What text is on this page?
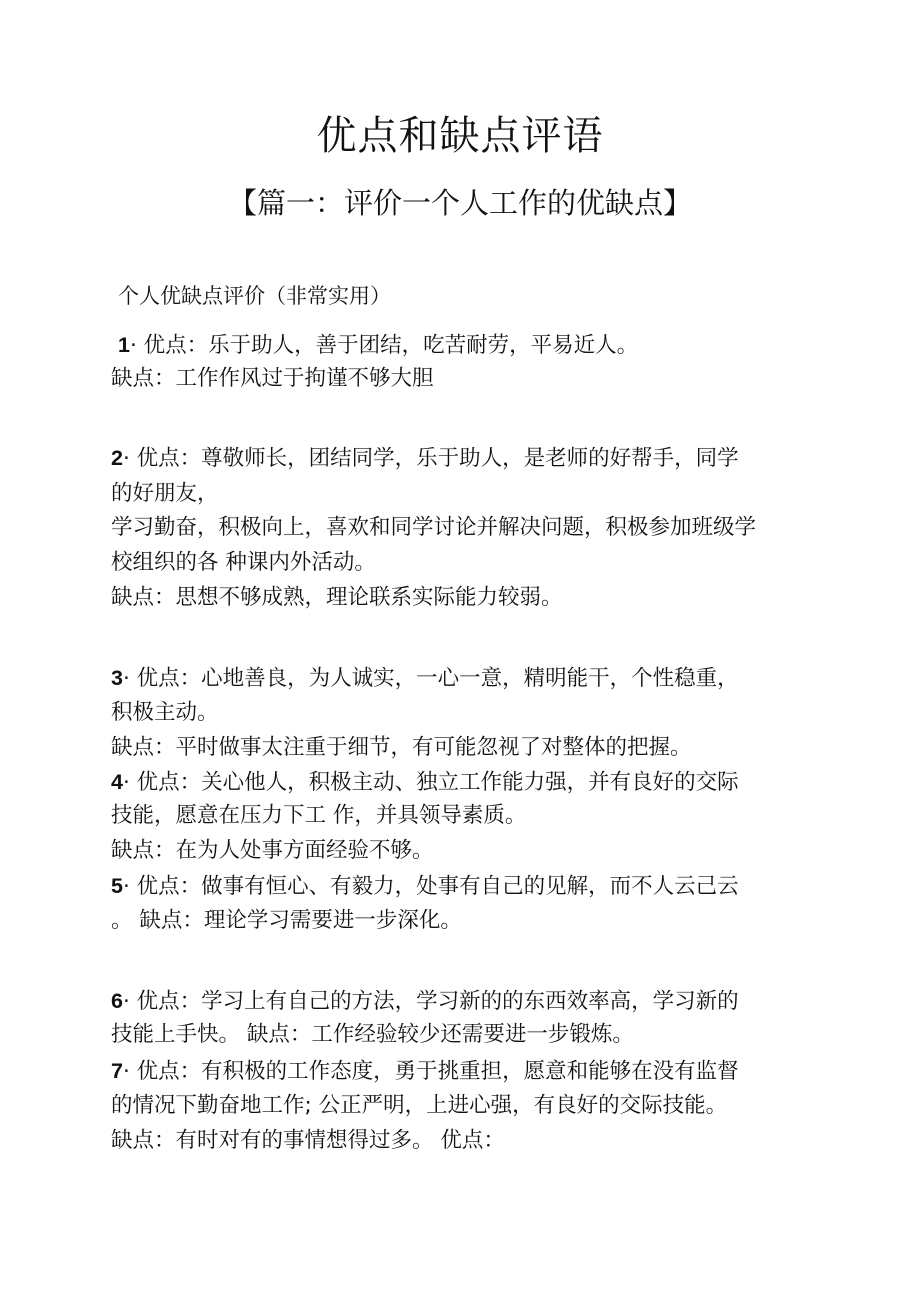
优点和缺点评语
【篇一：评价一个人工作的优缺点】

个人优缺点评价（非常实用）

1· 优点：乐于助人，善于团结，吃苦耐劳，平易近人。

缺点：工作作风过于拘谨不够大胆

2· 优点：尊敬师长，团结同学，乐于助人，是老师的好帮手，同学

的好朋友，

学习勤奋，积极向上，喜欢和同学讨论并解决问题，积极参加班级学

校组织的各 种课内外活动。

缺点：思想不够成熟，理论联系实际能力较弱。

3· 优点：心地善良，为人诚实，一心一意，精明能干，个性稳重，

积极主动。

缺点：平时做事太注重于细节，有可能忽视了对整体的把握。

4· 优点：关心他人，积极主动、独立工作能力强，并有良好的交际

技能，愿意在压力下工 作，并具领导素质。

缺点：在为人处事方面经验不够。

5· 优点：做事有恒心、有毅力，处事有自己的见解，而不人云己云

。 缺点：理论学习需要进一步深化。

6· 优点：学习上有自己的方法，学习新的的东西效率高，学习新的

技能上手快。 缺点：工作经验较少还需要进一步锻炼。

7· 优点：有积极的工作态度，勇于挑重担，愿意和能够在没有监督

的情况下勤奋地工作; 公正严明，上进心强，有良好的交际技能。

缺点：有时对有的事情想得过多。 优点：
